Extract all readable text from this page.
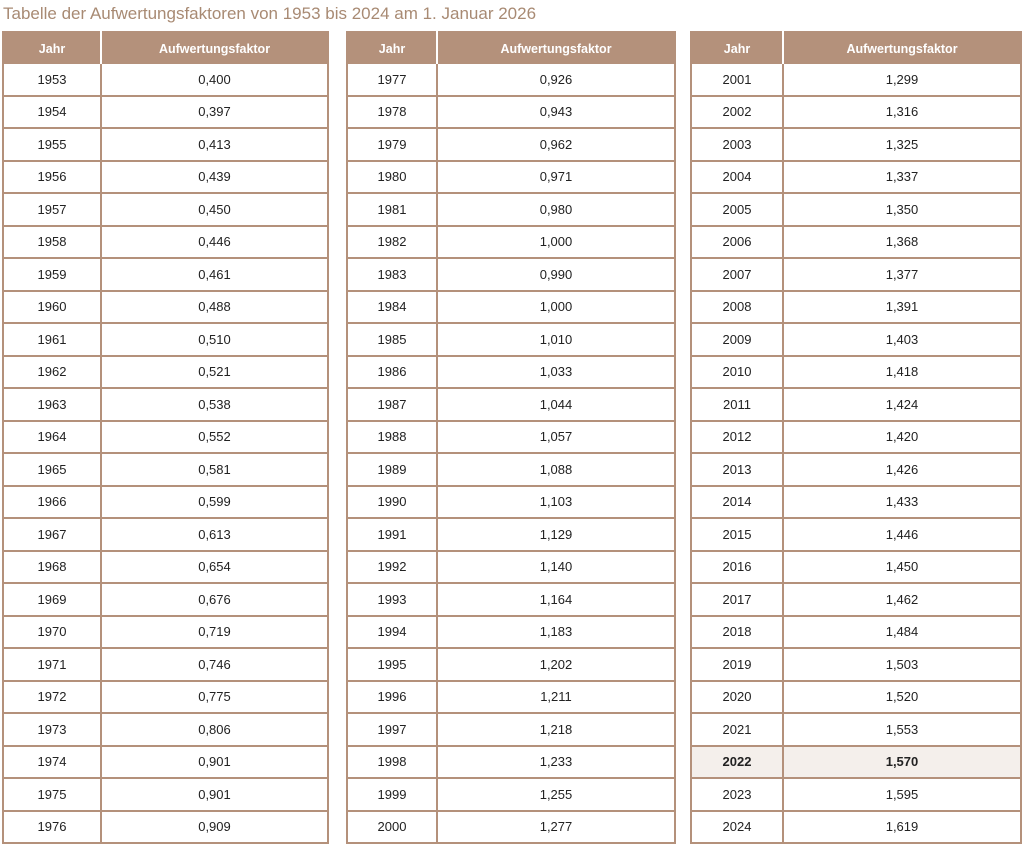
Tabelle der Aufwertungsfaktoren von 1953 bis 2024 am 1. Januar 2026
Jahr	Aufwertungsfaktor
1953	0,400
1954	0,397
1955	0,413
1956	0,439
1957	0,450
1958	0,446
1959	0,461
1960	0,488
1961	0,510
1962	0,521
1963	0,538
1964	0,552
1965	0,581
1966	0,599
1967	0,613
1968	0,654
1969	0,676
1970	0,719
1971	0,746
1972	0,775
1973	0,806
1974	0,901
1975	0,901
1976	0,909
Jahr	Aufwertungsfaktor
1977	0,926
1978	0,943
1979	0,962
1980	0,971
1981	0,980
1982	1,000
1983	0,990
1984	1,000
1985	1,010
1986	1,033
1987	1,044
1988	1,057
1989	1,088
1990	1,103
1991	1,129
1992	1,140
1993	1,164
1994	1,183
1995	1,202
1996	1,211
1997	1,218
1998	1,233
1999	1,255
2000	1,277
Jahr	Aufwertungsfaktor
2001	1,299
2002	1,316
2003	1,325
2004	1,337
2005	1,350
2006	1,368
2007	1,377
2008	1,391
2009	1,403
2010	1,418
2011	1,424
2012	1,420
2013	1,426
2014	1,433
2015	1,446
2016	1,450
2017	1,462
2018	1,484
2019	1,503
2020	1,520
2021	1,553
2022	1,570
2023	1,595
2024	1,619
